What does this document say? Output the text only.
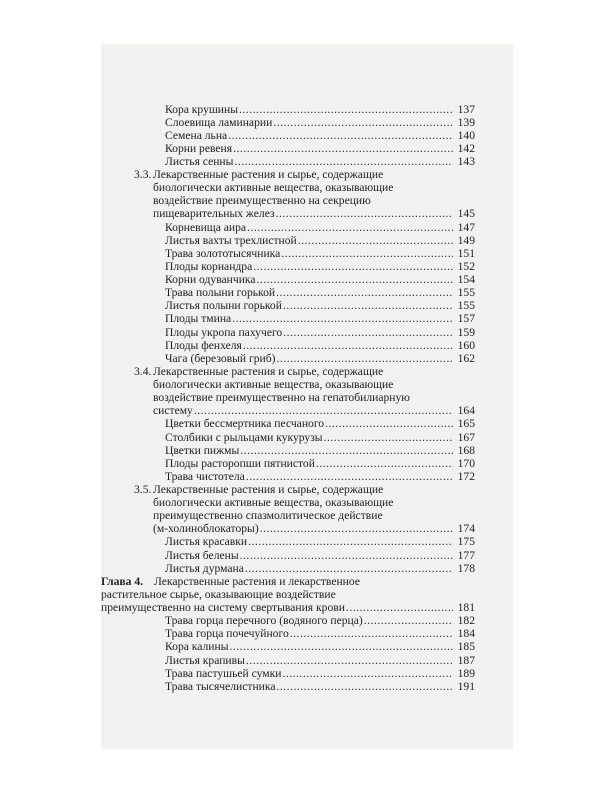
Кора крушины .....	137
Слоевища ламинарии .....	139
Семена льна .....	140
Корни ревеня .....	142
Листья сенны .....	143
3.3. Лекарственные растения и сырье, содержащие
биологически активные вещества, оказывающие
воздействие преимущественно на секрецию
пищеварительных желез .....	145
Корневища аира .....	147
Листья вахты трехлистной .....	149
Трава золототысячника .....	151
Плоды кориандра .....	152
Корни одуванчика .....	154
Трава полыни горькой .....	155
Листья полыни горькой .....	155
Плоды тмина .....	157
Плоды укропа пахучего .....	159
Плоды фенхеля .....	160
Чага (березовый гриб) .....	162
3.4. Лекарственные растения и сырье, содержащие
биологически активные вещества, оказывающие
воздействие преимущественно на гепатобилиарную
систему .....	164
Цветки бессмертника песчаного .....	165
Столбики с рыльцами кукурузы .....	167
Цветки пижмы .....	168
Плоды расторопши пятнистой .....	170
Трава чистотела .....	172
3.5. Лекарственные растения и сырье, содержащие
биологически активные вещества, оказывающие
преимущественно спазмолитическое действие
(м-холиноблокаторы) .....	174
Листья красавки .....	175
Листья белены .....	177
Листья дурмана .....	178
Глава 4. Лекарственные растения и лекарственное
растительное сырье, оказывающие воздействие
преимущественно на систему свертывания крови .....	181
Трава горца перечного (водяного перца) .....	182
Трава горца почечуйного .....	184
Кора калины .....	185
Листья крапивы .....	187
Трава пастушьей сумки .....	189
Трава тысячелистника .....	191
